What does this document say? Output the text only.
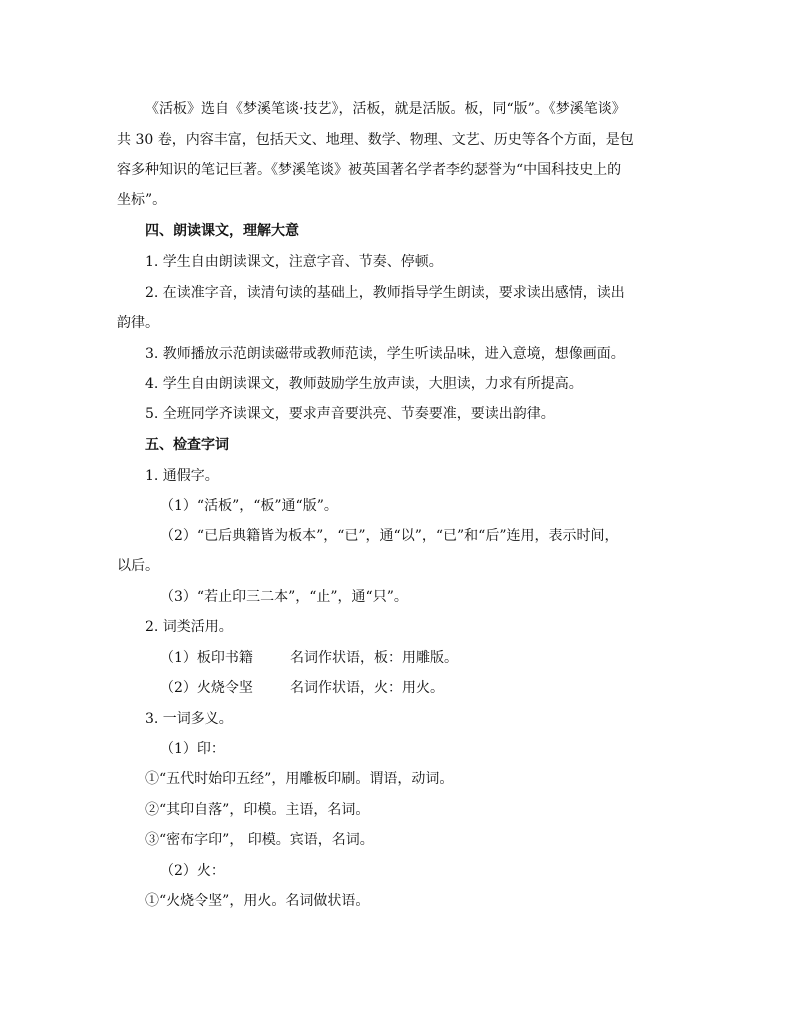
《活板》选自《梦溪笔谈·技艺》，活板，就是活版。板，同“版”。《梦溪笔谈》

共 30 卷，内容丰富，包括天文、地理、数学、物理、文艺、历史等各个方面，是包

容多种知识的笔记巨著。《梦溪笔谈》被英国著名学者李约瑟誉为“中国科技史上的

坐标”。

四、朗读课文，理解大意

1. 学生自由朗读课文，注意字音、节奏、停顿。

2. 在读准字音，读清句读的基础上，教师指导学生朗读，要求读出感情，读出

韵律。

3. 教师播放示范朗读磁带或教师范读，学生听读品味，进入意境，想像画面。

4. 学生自由朗读课文，教师鼓励学生放声读，大胆读，力求有所提高。

5. 全班同学齐读课文，要求声音要洪亮、节奏要准，要读出韵律。

五、检查字词

1. 通假字。

（1）“活板”，“板”通“版”。

（2）“已后典籍皆为板本”，“已”，通“以”，“已”和“后”连用，表示时间，

以后。

（3）“若止印三二本”，“止”，通“只”。

2. 词类活用。

（1）板印书籍	名词作状语，板：用雕版。

（2）火烧令坚	名词作状语，火：用火。

3. 一词多义。

（1）印：

①“五代时始印五经”，用雕板印刷。谓语，动词。

②“其印自落”，印模。主语，名词。

③“密布字印”， 印模。宾语，名词。

（2）火：

①“火烧令坚”，用火。名词做状语。
